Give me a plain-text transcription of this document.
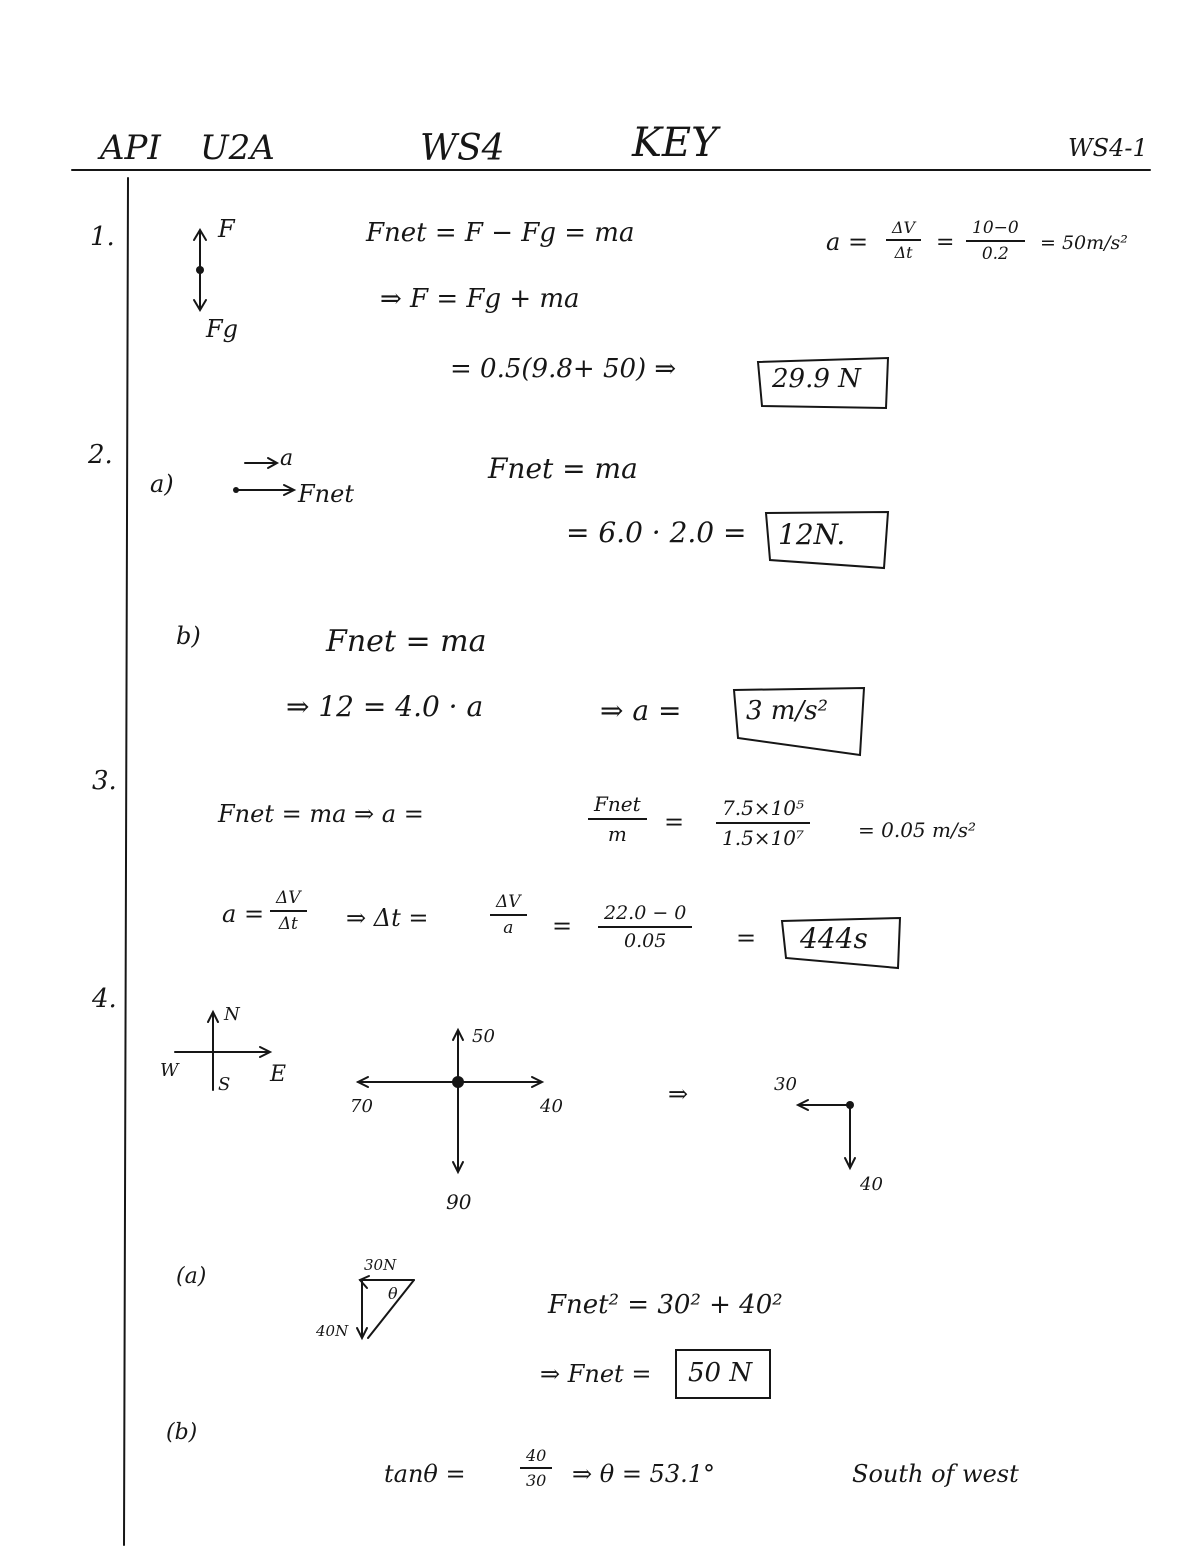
API U2A	WS4	KEY	WS4-1
1.	F
Fg
Fnet = F − Fg = ma
⇒ F = Fg + ma
= 0.5(9.8+ 50) ⇒	29.9 N
$a = \frac{\Delta V}{\Delta t} = \frac{10-0}{0.2} = 50m/s^2$
2.
a)
a
Fnet
Fnet = ma
= 6.0 · 2.0 = 12N.
b)	Fnet = ma
⇒ 12 = 4.0 · a	⇒ a = 3 m/s²
3.
Fnet = ma ⇒ a =	Fnet
$m = \frac{\text{7.5×10⁵}}{\text{1.5×10⁷}} = 0.05$ m/s²
$a = \frac{\Delta V}{\Delta t}$ ⇒ Δt =	$\frac{\Delta V}{a} = \frac{22.0 - 0}{0.05} = 444s$
4.
N
W
S E
50
70	40
90
⇒	30
40
(a)	30N
40N
θ	Fnet² = 30² + 40²
⇒ Fnet = 50 N
(b)
tanθ =	$\frac{40}{30}$ ⇒ θ = 53.1°	South of west
